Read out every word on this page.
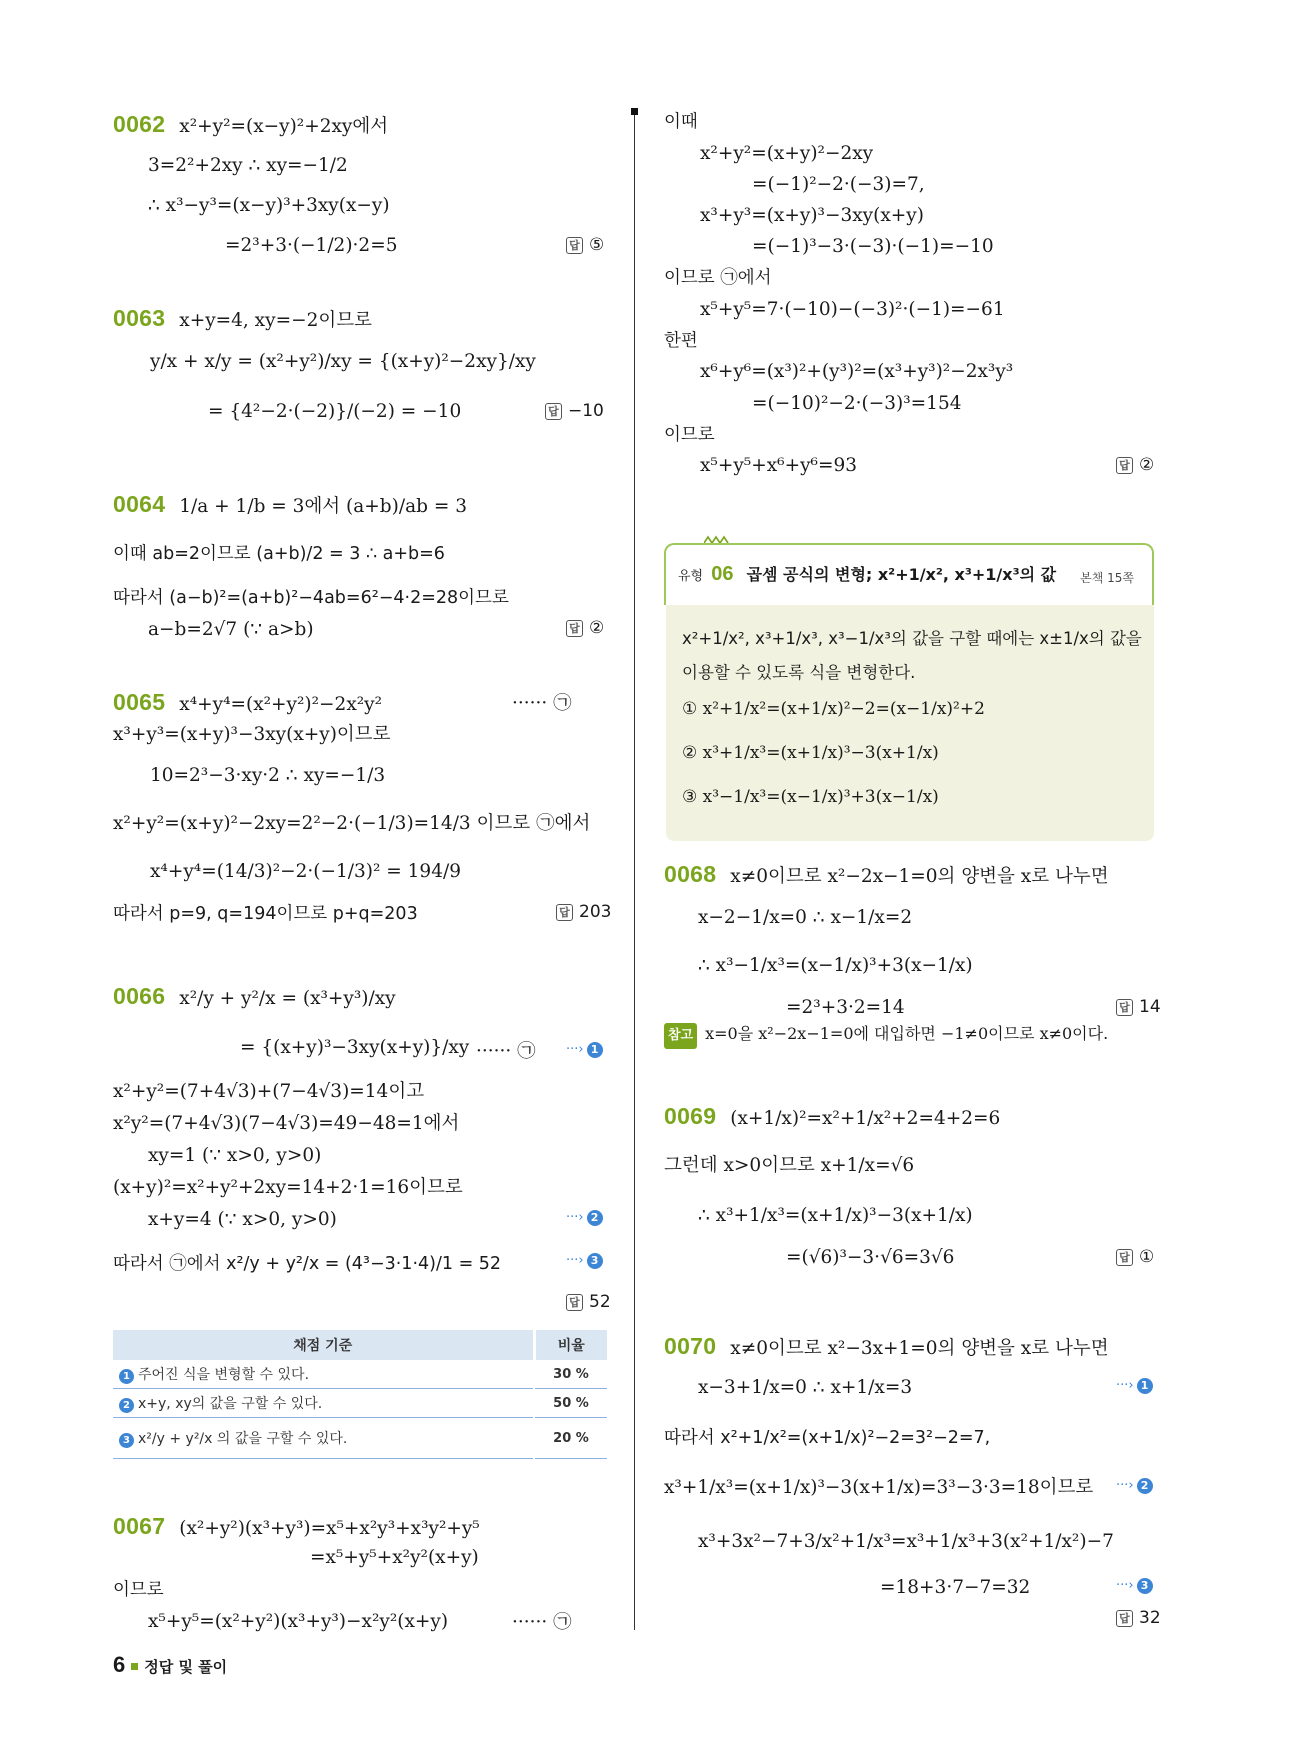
0062 x²+y²=(x−y)²+2xy에서
3=2²+2xy ∴ xy=−1/2
∴ x³−y³=(x−y)³+3xy(x−y)
=2³+3·(−1/2)·2=5	답 ⑤
0063 x+y=4, xy=−2이므로
y/x + x/y = (x²+y²)/xy = {(x+y)²−2xy}/xy
= {4²−2·(−2)}/(−2) = −10	답 −10
0064 1/a + 1/b = 3에서 (a+b)/ab = 3
이때 ab=2이므로 (a+b)/2 = 3 ∴ a+b=6
따라서 (a−b)²=(a+b)²−4ab=6²−4·2=28이므로
a−b=2√7 (∵ a>b)	답 ②
0065 x⁴+y⁴=(x²+y²)²−2x²y²	······ ㉠
x³+y³=(x+y)³−3xy(x+y)이므로
10=2³−3·xy·2 ∴ xy=−1/3
x²+y²=(x+y)²−2xy=2²−2·(−1/3)=14/3 이므로 ㉠에서
x⁴+y⁴=(14/3)²−2·(−1/3)² = 194/9
따라서 p=9, q=194이므로 p+q=203	답 203
0066 x²/y + y²/x = (x³+y³)/xy
= {(x+y)³−3xy(x+y)}/xy ······ ㉠ ···› 1
x²+y²=(7+4√3)+(7−4√3)=14이고
x²y²=(7+4√3)(7−4√3)=49−48=1에서
xy=1 (∵ x>0, y>0)
(x+y)²=x²+y²+2xy=14+2·1=16이므로
x+y=4 (∵ x>0, y>0)	···› 2
따라서 ㉠에서 x²/y + y²/x = (4³−3·1·4)/1 = 52	···› 3
답 52
채점 기준	비율
1 주어진 식을 변형할 수 있다.	30 %
2 x+y, xy의 값을 구할 수 있다.	50 %
3 x²/y + y²/x 의 값을 구할 수 있다.	20 %
0067 (x²+y²)(x³+y³)=x⁵+x²y³+x³y²+y⁵
=x⁵+y⁵+x²y²(x+y)
이므로
x⁵+y⁵=(x²+y²)(x³+y³)−x²y²(x+y)	······ ㉠
이때
x²+y²=(x+y)²−2xy
=(−1)²−2·(−3)=7,
x³+y³=(x+y)³−3xy(x+y)
=(−1)³−3·(−3)·(−1)=−10
이므로 ㉠에서
x⁵+y⁵=7·(−10)−(−3)²·(−1)=−61
한편
x⁶+y⁶=(x³)²+(y³)²=(x³+y³)²−2x³y³
=(−10)²−2·(−3)³=154
이므로
x⁵+y⁵+x⁶+y⁶=93	답 ②
유형 06 곱셈 공식의 변형; x²+1/x², x³+1/x³의 값 본책 15쪽
x²+1/x², x³+1/x³, x³−1/x³의 값을 구할 때에는 x±1/x의 값을
이용할 수 있도록 식을 변형한다.
① x²+1/x²=(x+1/x)²−2=(x−1/x)²+2
② x³+1/x³=(x+1/x)³−3(x+1/x)
③ x³−1/x³=(x−1/x)³+3(x−1/x)
0068 x≠0이므로 x²−2x−1=0의 양변을 x로 나누면
x−2−1/x=0 ∴ x−1/x=2
∴ x³−1/x³=(x−1/x)³+3(x−1/x)
=2³+3·2=14	답 14
참고 x=0을 x²−2x−1=0에 대입하면 −1≠0이므로 x≠0이다.
0069 (x+1/x)²=x²+1/x²+2=4+2=6
그런데 x>0이므로 x+1/x=√6
∴ x³+1/x³=(x+1/x)³−3(x+1/x)
=(√6)³−3·√6=3√6	답 ①
0070 x≠0이므로 x²−3x+1=0의 양변을 x로 나누면
x−3+1/x=0 ∴ x+1/x=3	···› 1
따라서 x²+1/x²=(x+1/x)²−2=3²−2=7,
x³+1/x³=(x+1/x)³−3(x+1/x)=3³−3·3=18이므로 ···› 2
x³+3x²−7+3/x²+1/x³=x³+1/x³+3(x²+1/x²)−7
=18+3·7−7=32	···› 3
답 32
6 정답 및 풀이
